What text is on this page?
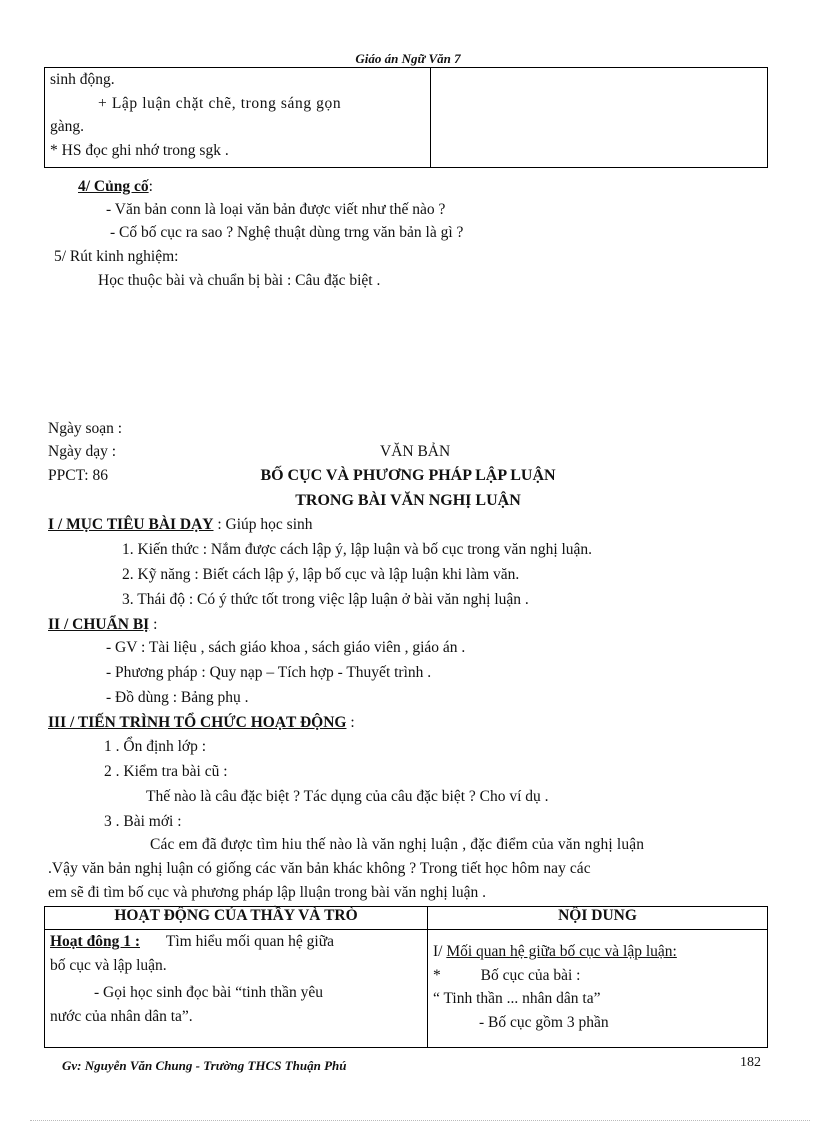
Giáo án Ngữ Văn 7
sinh động.
+ Lập luận chặt chẽ, trong sáng gọn
gàng.
* HS đọc ghi nhớ trong sgk .

4/ Củng cố:
- Văn bản conn là loại văn bản được viết như thế nào ?
- Cố bố cục ra sao ? Nghệ thuật dùng trng văn bản là gì ?
5/ Rút kinh nghiệm:
Học thuộc bài và chuẩn bị bài : Câu đặc biệt .
Ngày soạn :
Ngày dạy :	VĂN BẢN
PPCT: 86	BỐ CỤC VÀ PHƯƠNG PHÁP LẬP LUẬN
TRONG BÀI VĂN NGHỊ LUẬN
I / MỤC TIÊU BÀI DẠY : Giúp học sinh
1. Kiến thức : Nắm được cách lập ý, lập luận và bố cục trong văn nghị luận.
2. Kỹ năng : Biết cách lập ý, lập bố cục và lập luận khi làm văn.
3. Thái độ : Có ý thức tốt trong việc lập luận ở bài văn nghị luận .
II / CHUẨN BỊ :
- GV : Tài liệu , sách giáo khoa , sách giáo viên , giáo án .
- Phương pháp : Quy nạp – Tích hợp - Thuyết trình .
- Đồ dùng : Bảng phụ .
III / TIẾN TRÌNH TỔ CHỨC HOẠT ĐỘNG :
1 . Ổn định lớp :
2 . Kiểm tra bài cũ :
Thế nào là câu đặc biệt ? Tác dụng của câu đặc biệt ? Cho ví dụ .
3 . Bài mới :
Các em đã được tìm hiu thế nào là văn nghị luận , đặc điểm của văn nghị luận
.Vậy văn bản nghị luận có giống các văn bản khác không ? Trong tiết học hôm nay các
em sẽ đi tìm bố cục và phương pháp lập lluận trong bài văn nghị luận .
HOẠT ĐỘNG CỦA THẦY VÀ TRÒ	NỘI DUNG

Hoạt đông 1 : Tìm hiểu mối quan hệ giữa
bố cục và lập luận.
- Gọi học sinh đọc bài “tinh thần yêu
nước của nhân dân ta”.	I/ Mối quan hệ giữa bố cục và lập luận:
* Bố cục của bài :
“ Tinh thần ... nhân dân ta”
- Bố cục gồm 3 phần
Gv: Nguyễn Văn Chung - Trường THCS Thuận Phú	182
